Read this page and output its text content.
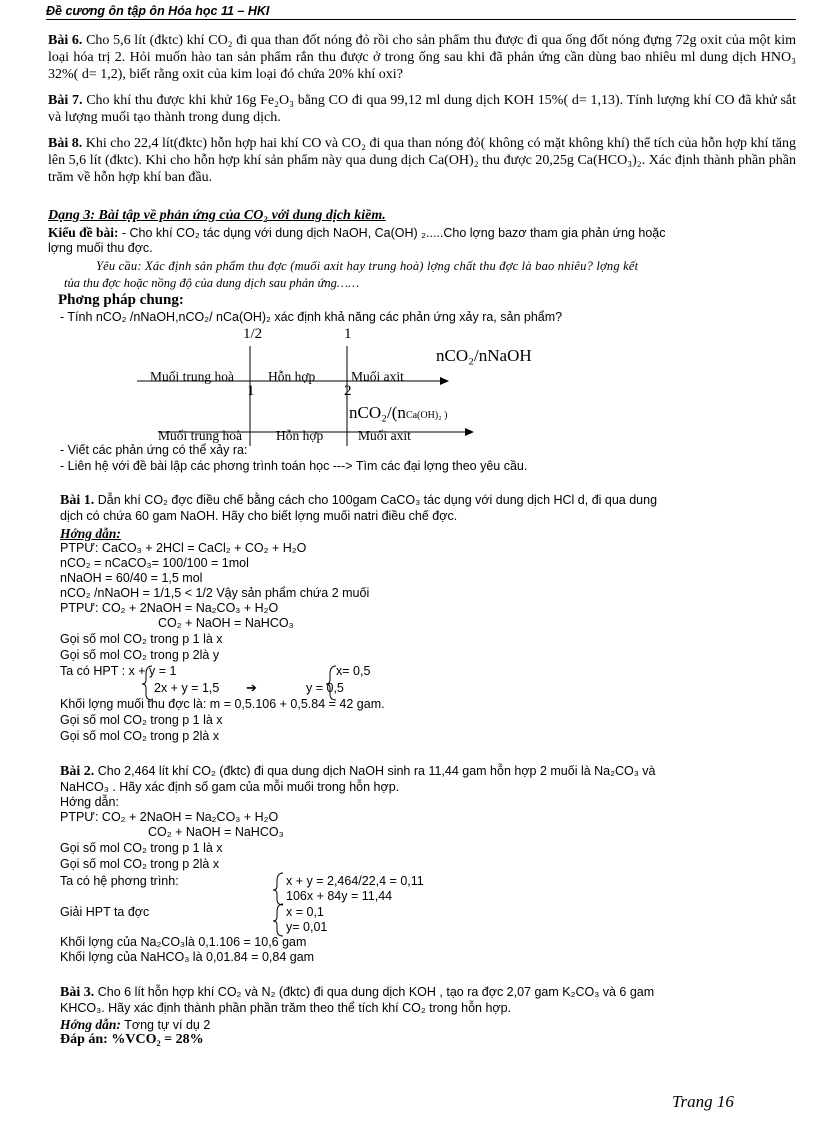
Đề cương ôn tập ôn Hóa học 11 – HKI
Bài 6. Cho 5,6 lít (đktc) khí CO₂ đi qua than đốt nóng đỏ rồi cho sản phẩm thu được đi qua ống đốt nóng đựng 72g oxit của một kim loại hóa trị 2. Hỏi muốn hào tan sản phẩm rắn thu được ở trong ống sau khi đã phản ứng cần dùng bao nhiêu ml dung dịch HNO₃ 32%( d= 1,2), biết rằng oxit của kim loại đó chứa 20% khí oxi?
Bài 7. Cho khí thu được khi khử 16g Fe₂O₃ bằng CO đi qua 99,12 ml dung dịch KOH 15%( d= 1,13). Tính lượng khí CO đã khử sắt và lượng muối tạo thành trong dung dịch.
Bài 8. Khi cho 22,4 lít(đktc) hỗn hợp hai khí CO và CO₂ đi qua than nóng đỏ( không có mặt không khí) thể tích của hỗn hợp khí tăng lên 5,6 lít (đktc). Khi cho hỗn hợp khí sản phẩm này qua dung dịch Ca(OH)₂ thu được 20,25g Ca(HCO₃)₂. Xác định thành phần phần trăm về hỗn hợp khí ban đầu.
Dạng 3: Bài tập về phản ứng của CO₂ với dung dịch kiềm.
Kiểu đề bài: - Cho khí CO₂ tác dụng với dung dịch NaOH, Ca(OH) ₂.....Cho lợng bazơ tham gia phản ứng hoặc
lợng muối thu đợc.
Yêu cầu: Xác định sản phẩm thu đợc (muối axit hay trung hoà) lợng chất thu đợc là bao nhiêu? lợng kết
tủa thu đợc hoặc nồng độ của dung dịch sau phản ứng……
Phơng pháp chung:
- Tính nCO₂ /nNaOH,nCO₂/ nCa(OH)₂ xác định khả năng các phản ứng xảy ra, sản phẩm?
1/2	1
nCO₂/nNaOH
Muối trung hoà	Hỗn hợp	Muối axit
1	2
nCO₂/(nCa(OH)₂ )
Muối trung hoà	Hỗn hợp	Muối axit
- Viết các phản ứng có thể xảy ra:
- Liên hệ với đề bài lập các phơng trình toán học ---> Tìm các đại lợng theo yêu cầu.
Bài 1. Dẫn khí CO₂ đợc điều chế bằng cách cho 100gam CaCO₃ tác dụng với dung dịch HCl d, đi qua dung
dịch có chứa 60 gam NaOH. Hãy cho biết lợng muối natri điều chế đợc.
Hớng dẫn:
PTPƯ: CaCO₃ + 2HCl = CaCl₂ + CO₂ + H₂O
nCO₂ = nCaCO₃= 100/100 = 1mol
nNaOH = 60/40 = 1,5 mol
nCO₂ /nNaOH = 1/1,5 < 1/2 Vậy sản phẩm chứa 2 muối
PTPƯ: CO₂ + 2NaOH = Na₂CO₃ + H₂O
CO₂ + NaOH = NaHCO₃
Gọi số mol CO₂ trong p 1 là x
Gọi số mol CO₂ trong p 2là y
Ta có HPT : x + y = 1	x= 0,5
2x + y = 1,5 ➔	y = 0,5
Khối lợng muối thu đợc là: m = 0,5.106 + 0,5.84 = 42 gam.
Gọi số mol CO₂ trong p 1 là x
Gọi số mol CO₂ trong p 2là x
Bài 2. Cho 2,464 lít khí CO₂ (đktc) đi qua dung dịch NaOH sinh ra 11,44 gam hỗn hợp 2 muối là Na₂CO₃ và
NaHCO₃ . Hãy xác định số gam của mỗi muối trong hỗn hợp.
Hớng dẫn:
PTPƯ: CO₂ + 2NaOH = Na₂CO₃ + H₂O
CO₂ + NaOH = NaHCO₃
Gọi số mol CO₂ trong p 1 là x
Gọi số mol CO₂ trong p 2là x
Ta có hệ phơng trình:	x + y = 2,464/22,4 = 0,11
106x + 84y = 11,44
Giải HPT ta đợc	x = 0,1
y= 0,01
Khối lợng của Na₂CO₃là 0,1.106 = 10,6 gam
Khối lợng của NaHCO₃ là 0,01.84 = 0,84 gam
Bài 3. Cho 6 lít hỗn hợp khí CO₂ và N₂ (đktc) đi qua dung dịch KOH , tạo ra đợc 2,07 gam K₂CO₃ và 6 gam
KHCO₃. Hãy xác định thành phần phần trăm theo thể tích khí CO₂ trong hỗn hợp.
Hớng dẫn: Tơng tự ví dụ 2
Đáp án: %VCO₂ = 28%
Trang 16
